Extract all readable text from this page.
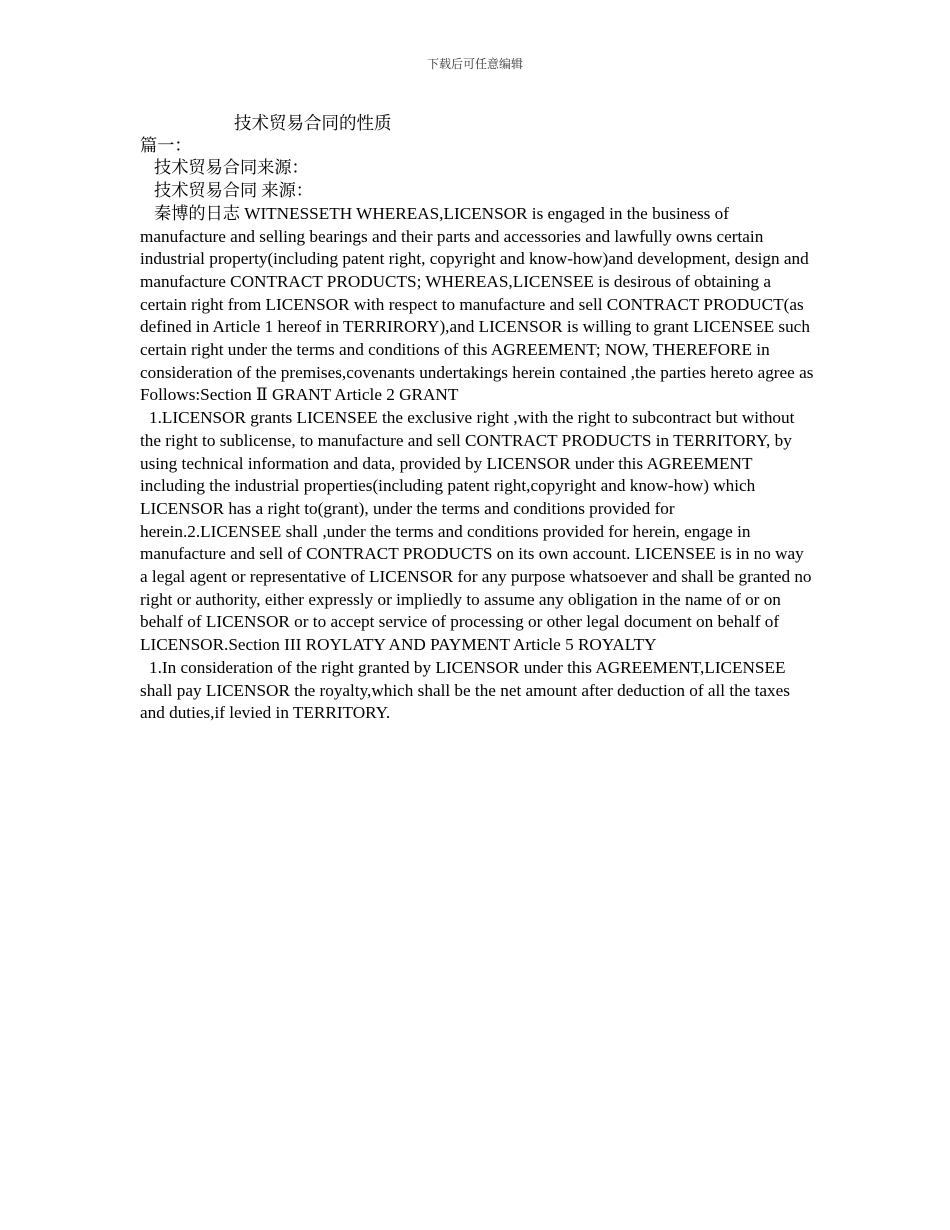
下载后可任意编辑
技术贸易合同的性质
篇一：
技术贸易合同来源：
技术贸易合同 来源：

秦博的日志 WITNESSETH WHEREAS,LICENSOR is engaged in the business of manufacture and selling bearings and their parts and accessories and lawfully owns certain industrial property(including patent right, copyright and know-how)and development, design and manufacture CONTRACT PRODUCTS; WHEREAS,LICENSEE is desirous of obtaining a certain right from LICENSOR with respect to manufacture and sell CONTRACT PRODUCT(as defined in Article 1 hereof in TERRIRORY),and LICENSOR is willing to grant LICENSEE such certain right under the terms and conditions of this AGREEMENT; NOW, THEREFORE in consideration of the premises,covenants undertakings herein contained ,the parties hereto agree as Follows:Section Ⅱ GRANT Article 2 GRANT

1.LICENSOR grants LICENSEE the exclusive right ,with the right to subcontract but without the right to sublicense, to manufacture and sell CONTRACT PRODUCTS in TERRITORY, by using technical information and data, provided by LICENSOR under this AGREEMENT including the industrial properties(including patent right,copyright and know-how) which LICENSOR has a right to(grant), under the terms and conditions provided for herein.2.LICENSEE shall ,under the terms and conditions provided for herein, engage in manufacture and sell of CONTRACT PRODUCTS on its own account. LICENSEE is in no way a legal agent or representative of LICENSOR for any purpose whatsoever and shall be granted no right or authority, either expressly or impliedly to assume any obligation in the name of or on behalf of LICENSOR or to accept service of processing or other legal document on behalf of LICENSOR.Section III ROYLATY AND PAYMENT Article 5 ROYALTY

1.In consideration of the right granted by LICENSOR under this AGREEMENT,LICENSEE shall pay LICENSOR the royalty,which shall be the net amount after deduction of all the taxes and duties,if levied in TERRITORY.
